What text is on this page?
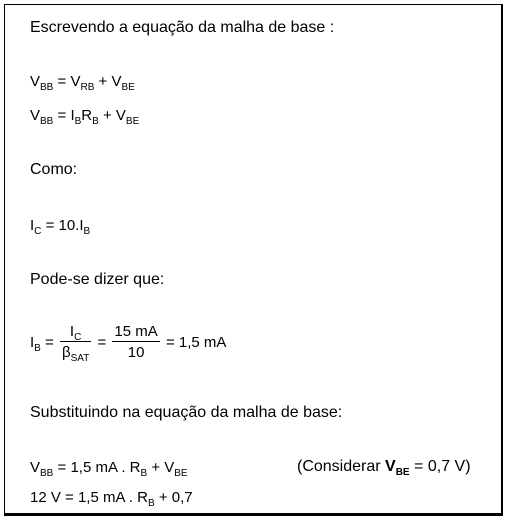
Escrevendo a equação da malha de base :
$V_{BB} = V_{RB} + V_{BE}$
$V_{BB} = I_BR_B + V_{BE}$
Como:
$I_C = 10.I_B$
Pode-se dizer que:
$I_B = \frac{I_C}{\beta_{SAT}} = \frac{15 mA}{10} = 1,5$ mA
Substituindo na equação da malha de base:
$V_{BB} = 1,5$ mA . $R_B + V_{BE}$	(Considerar $V_{BE} = 0,7$ V)
12 V = 1,5 mA . $R_B + 0,7$
